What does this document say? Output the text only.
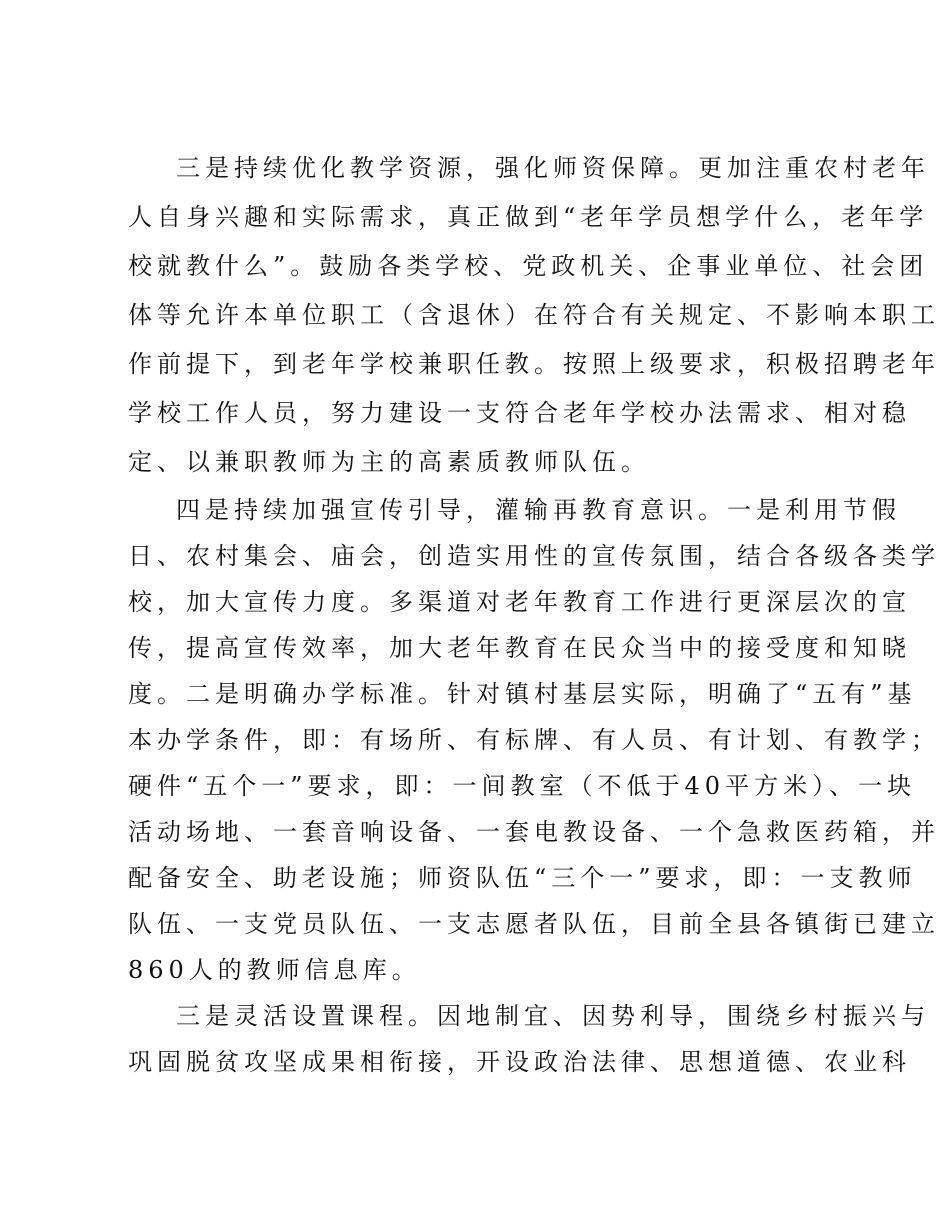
三是持续优化教学资源，强化师资保障。更加注重农村老年
人自身兴趣和实际需求，真正做到“老年学员想学什么，老年学
校就教什么”。鼓励各类学校、党政机关、企事业单位、社会团
体等允许本单位职工（含退休）在符合有关规定、不影响本职工
作前提下，到老年学校兼职任教。按照上级要求，积极招聘老年
学校工作人员，努力建设一支符合老年学校办法需求、相对稳
定、以兼职教师为主的高素质教师队伍。
四是持续加强宣传引导，灌输再教育意识。一是利用节假
日、农村集会、庙会，创造实用性的宣传氛围，结合各级各类学
校，加大宣传力度。多渠道对老年教育工作进行更深层次的宣
传，提高宣传效率，加大老年教育在民众当中的接受度和知晓
度。二是明确办学标准。针对镇村基层实际，明确了“五有”基
本办学条件，即：有场所、有标牌、有人员、有计划、有教学；
硬件“五个一”要求，即：一间教室（不低于40平方米）、一块
活动场地、一套音响设备、一套电教设备、一个急救医药箱，并
配备安全、助老设施；师资队伍“三个一”要求，即：一支教师
队伍、一支党员队伍、一支志愿者队伍，目前全县各镇街已建立
860人的教师信息库。
三是灵活设置课程。因地制宜、因势利导，围绕乡村振兴与
巩固脱贫攻坚成果相衔接，开设政治法律、思想道德、农业科
